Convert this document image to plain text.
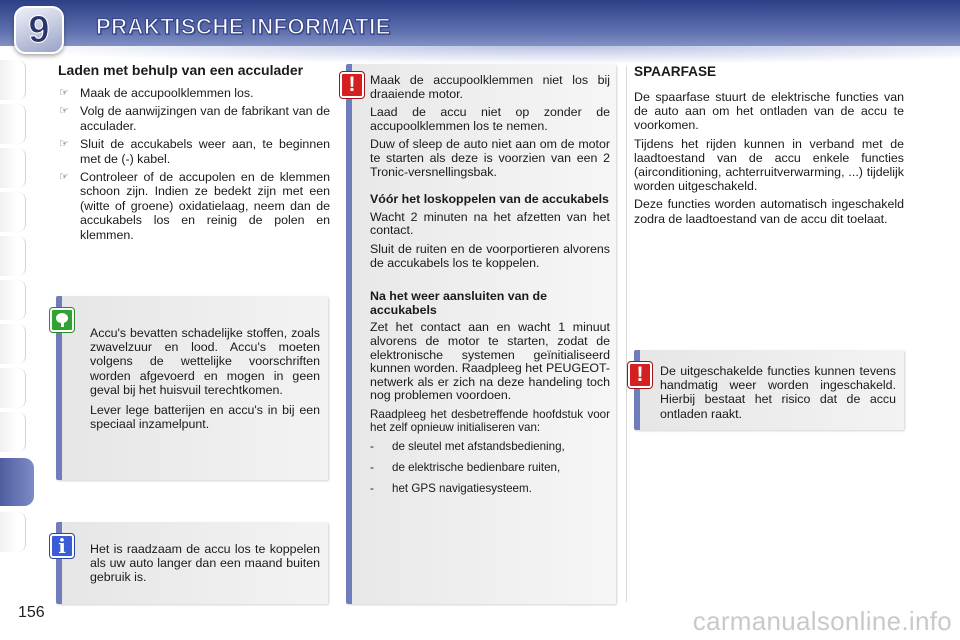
9 PRAKTISCHE INFORMATIE
156
Laden met behulp van een acculader
☞ Maak de accupoolklemmen los.
☞ Volg de aanwijzingen van de fabrikant van de acculader.
☞ Sluit de accukabels weer aan, te beginnen met de (-) kabel.
☞ Controleer of de accupolen en de klemmen schoon zijn. Indien ze bedekt zijn met een (witte of groene) oxidatielaag, neem dan de accukabels los en reinig de polen en klemmen.

Accu's bevatten schadelijke stoffen, zoals zwavelzuur en lood. Accu's moeten volgens de wettelijke voorschriften worden afgevoerd en mogen in geen geval bij het huisvuil terechtkomen.

Lever lege batterijen en accu's in bij een speciaal inzamelpunt.

Het is raadzaam de accu los te koppelen als uw auto langer dan een maand buiten gebruik is.

i

Maak de accupoolklemmen niet los bij draaiende motor.

Laad de accu niet op zonder de accupoolklemmen los te nemen.

Duw of sleep de auto niet aan om de motor te starten als deze is voorzien van een 2 Tronic-versnellingsbak.

Vóór het loskoppelen van de accukabels

Wacht 2 minuten na het afzetten van het contact.

Sluit de ruiten en de voorportieren alvorens de accukabels los te koppelen.

Na het weer aansluiten van de accukabels

Zet het contact aan en wacht 1 minuut alvorens de motor te starten, zodat de elektronische systemen geïnitialiseerd kunnen worden. Raadpleeg het PEUGEOT-netwerk als er zich na deze handeling toch nog problemen voordoen.

Raadpleeg het desbetreffende hoofdstuk voor het zelf opnieuw initialiseren van:

-	de sleutel met afstandsbediening,
-	de elektrische bedienbare ruiten,
-	het GPS navigatiesysteem.
!
SPAARFASE

De spaarfase stuurt de elektrische functies van de auto aan om het ontladen van de accu te voorkomen.

Tijdens het rijden kunnen in verband met de laadtoestand van de accu enkele functies (airconditioning, achterruitverwarming, ...) tijdelijk worden uitgeschakeld.

Deze functies worden automatisch ingeschakeld zodra de laadtoestand van de accu dit toelaat.

De uitgeschakelde functies kunnen tevens handmatig weer worden ingeschakeld. Hierbij bestaat het risico dat de accu ontladen raakt.

!
carmanualsonline.info
